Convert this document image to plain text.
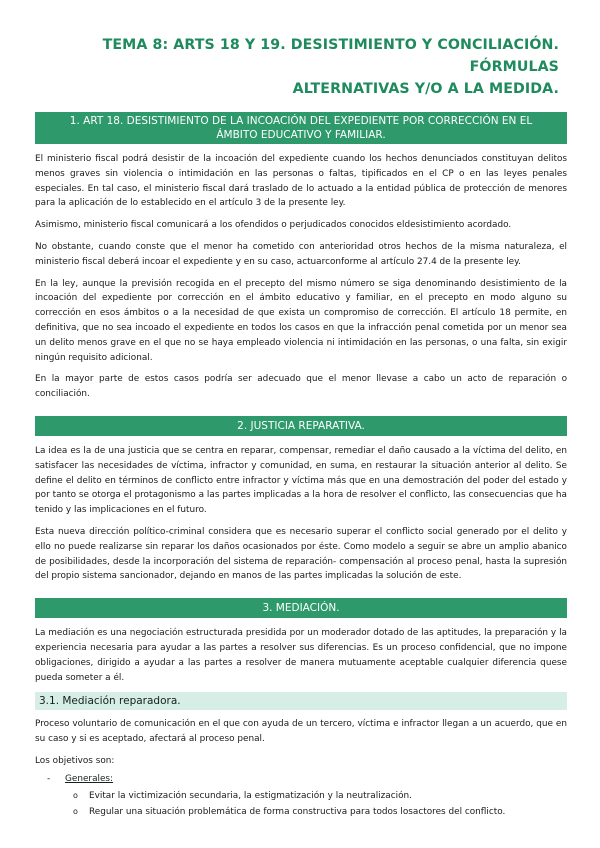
TEMA 8: ARTS 18 Y 19. DESISTIMIENTO Y CONCILIACIÓN. FÓRMULAS
ALTERNATIVAS Y/O A LA MEDIDA.
1. ART 18. DESISTIMIENTO DE LA INCOACIÓN DEL EXPEDIENTE POR CORRECCIÓN EN EL
ÁMBITO EDUCATIVO Y FAMILIAR.

El ministerio fiscal podrá desistir de la incoación del expediente cuando los hechos denunciados constituyan delitos menos graves sin violencia o intimidación en las personas o faltas, tipificados en el CP o en las leyes penales especiales. En tal caso, el ministerio fiscal dará traslado de lo actuado a la entidad pública de protección de menores para la aplicación de lo establecido en el artículo 3 de la presente ley.

Asimismo, ministerio fiscal comunicará a los ofendidos o perjudicados conocidos eldesistimiento acordado.

No obstante, cuando conste que el menor ha cometido con anterioridad otros hechos de la misma naturaleza, el ministerio fiscal deberá incoar el expediente y en su caso, actuarconforme al artículo 27.4 de la presente ley.

En la ley, aunque la previsión recogida en el precepto del mismo número se siga denominando desistimiento de la incoación del expediente por corrección en el ámbito educativo y familiar, en el precepto en modo alguno su corrección en esos ámbitos o a la necesidad de que exista un compromiso de corrección. El artículo 18 permite, en definitiva, que no sea incoado el expediente en todos los casos en que la infracción penal cometida por un menor sea un delito menos grave en el que no se haya empleado violencia ni intimidación en las personas, o una falta, sin exigir ningún requisito adicional.

En la mayor parte de estos casos podría ser adecuado que el menor llevase a cabo un acto de reparación o conciliación.

2. JUSTICIA REPARATIVA.

La idea es la de una justicia que se centra en reparar, compensar, remediar el daño causado a la víctima del delito, en satisfacer las necesidades de víctima, infractor y comunidad, en suma, en restaurar la situación anterior al delito. Se define el delito en términos de conflicto entre infractor y víctima más que en una demostración del poder del estado y por tanto se otorga el protagonismo a las partes implicadas a la hora de resolver el conflicto, las consecuencias que ha tenido y las implicaciones en el futuro.

Esta nueva dirección político-criminal considera que es necesario superar el conflicto social generado por el delito y ello no puede realizarse sin reparar los daños ocasionados por éste. Como modelo a seguir se abre un amplio abanico de posibilidades, desde la incorporación del sistema de reparación- compensación al proceso penal, hasta la supresión del propio sistema sancionador, dejando en manos de las partes implicadas la solución de este.

3. MEDIACIÓN.

La mediación es una negociación estructurada presidida por un moderador dotado de las aptitudes, la preparación y la experiencia necesaria para ayudar a las partes a resolver sus diferencias. Es un proceso confidencial, que no impone obligaciones, dirigido a ayudar a las partes a resolver de manera mutuamente aceptable cualquier diferencia quese pueda someter a él.

3.1. Mediación reparadora.

Proceso voluntario de comunicación en el que con ayuda de un tercero, víctima e infractor llegan a un acuerdo, que en su caso y si es aceptado, afectará al proceso penal.

Los objetivos son:

-	Generales:
o	Evitar la victimización secundaria, la estigmatización y la neutralización.
o	Regular una situación problemática de forma constructiva para todos losactores del conflicto.
